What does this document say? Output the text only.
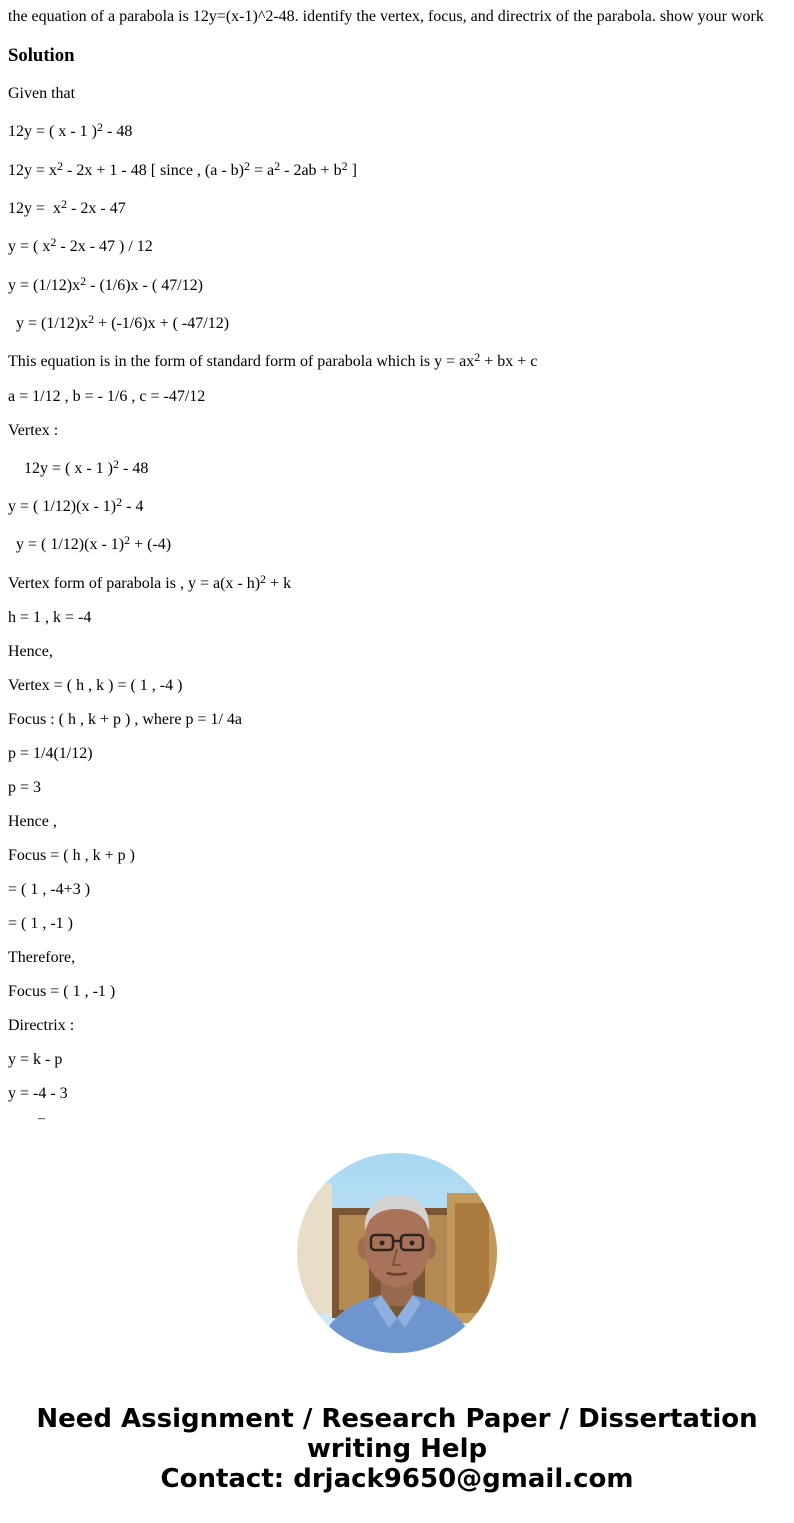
the equation of a parabola is 12y=(x-1)^2-48. identify the vertex, focus, and directrix of the parabola. show your work

Solution
Given that
12y = ( x - 1 )$^2$ - 48
$12y = x^2 - 2x + 1 - 48$ [ since , $(a - b)^2 = a^2 - 2ab + b^2$ ]
$12y = x^2 - 2x - 47$
y = ( $x^2 - 2x - 47$ ) / 12
$y = (1/12)x^2 - (1/6)x$ - ( 47/12)
$y = (1/12)x^2 + (-1/6)x$ + ( -47/12)
This equation is in the form of standard form of parabola which is $y = ax^2$ + bx + c
a = 1/12 , b = - 1/6 , c = -47/12
Vertex :
12y = ( x - 1 )$^2$ - 48
y = ( 1/12)(x - 1)$^2$ - 4
y = ( 1/12)(x - 1)$^2$ + (-4)
Vertex form of parabola is , y = a(x - h)$^2$ + k
h = 1 , k = -4
Hence,
Vertex = ( h , k ) = ( 1 , -4 )
Focus : ( h , k + p ) , where p = 1/ 4a
p = 1/4(1/12)
p = 3
Hence ,
Focus = ( h , k + p )
= ( 1 , -4+3 )
= ( 1 , -1 )
Therefore,
Focus = ( 1 , -1 )
Directrix :
y = k - p
y = -4 - 3
–
Need Assignment / Research Paper / Dissertation
writing Help
Contact: drjack9650@gmail.com
